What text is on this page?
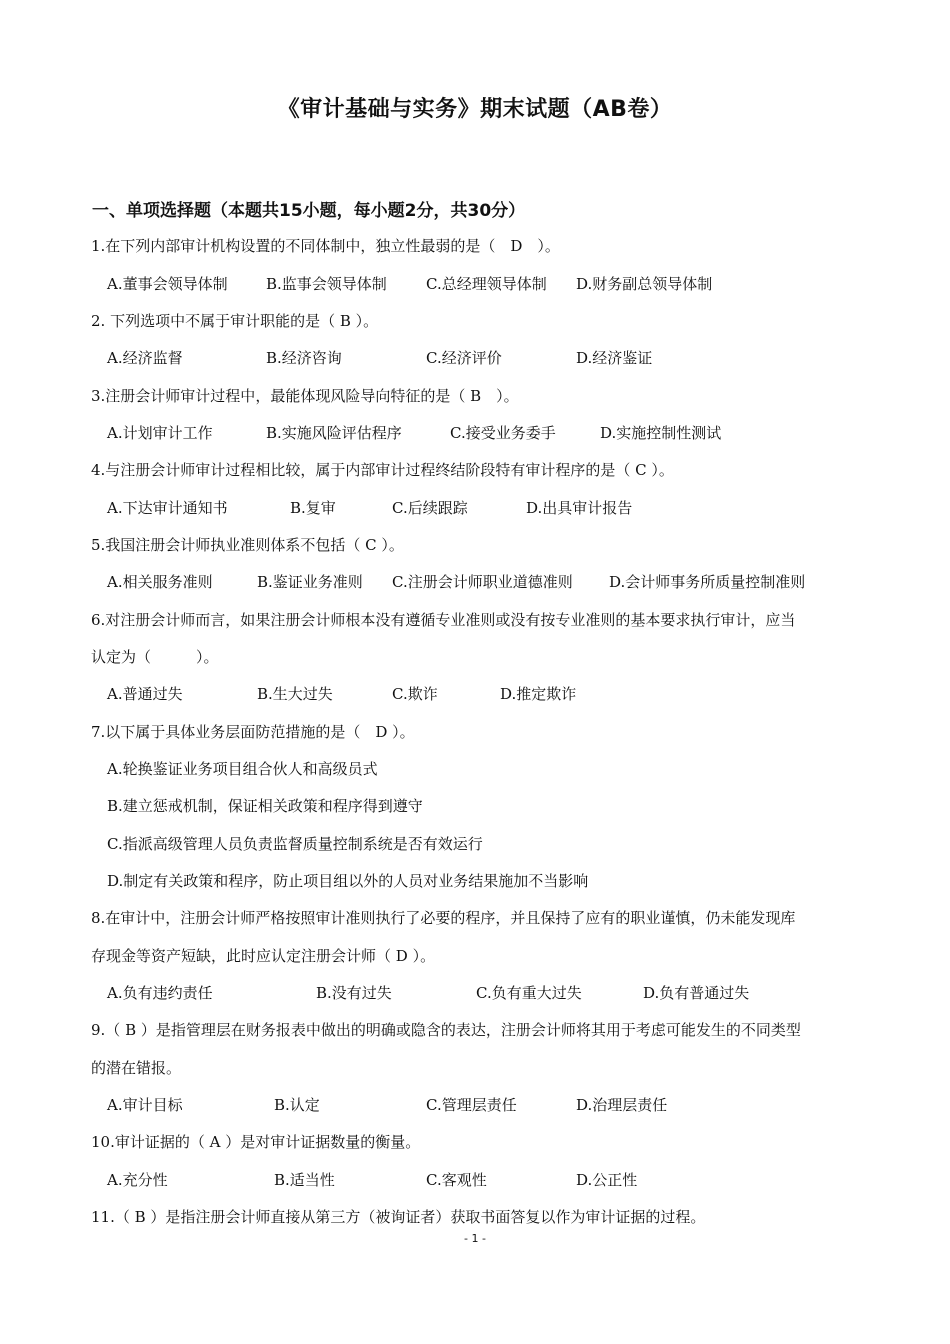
《审计基础与实务》期末试题（AB卷）
一、单项选择题（本题共15小题，每小题2分，共30分）
1.在下列内部审计机构设置的不同体制中，独立性最弱的是（　D　）。
A.董事会领导体制	B.监事会领导体制	C.总经理领导体制 D.财务副总领导体制
2. 下列选项中不属于审计职能的是（ B ）。
A.经济监督	B.经济咨询	C.经济评价	D.经济鉴证
3.注册会计师审计过程中，最能体现风险导向特征的是（ B　）。
A.计划审计工作	B.实施风险评估程序	C.接受业务委手	D.实施控制性测试
4.与注册会计师审计过程相比较，属于内部审计过程终结阶段特有审计程序的是（ C ）。
A.下达审计通知书	B.复审	C.后续跟踪	D.出具审计报告
5.我国注册会计师执业准则体系不包括（ C ）。
A.相关服务准则	B.鉴证业务准则 C.注册会计师职业道德准则 D.会计师事务所质量控制准则
6.对注册会计师而言，如果注册会计师根本没有遵循专业准则或没有按专业准则的基本要求执行审计，应当
认定为（　　　）。
A.普通过失	B.生大过失	C.欺诈	D.推定欺诈
7.以下属于具体业务层面防范措施的是（　D ）。
A.轮换鉴证业务项目组合伙人和高级员式
B.建立惩戒机制，保证相关政策和程序得到遵守
C.指派高级管理人员负责监督质量控制系统是否有效运行
D.制定有关政策和程序，防止项目组以外的人员对业务结果施加不当影响
8.在审计中，注册会计师严格按照审计准则执行了必要的程序，并且保持了应有的职业谨慎，仍未能发现库
存现金等资产短缺，此时应认定注册会计师（ D ）。
A.负有违约责任	B.没有过失	C.负有重大过失	D.负有普通过失
9.（ B ）是指管理层在财务报表中做出的明确或隐含的表达，注册会计师将其用于考虑可能发生的不同类型
的潜在错报。
A.审计目标	B.认定	C.管理层责任	D.治理层责任
10.审计证据的（ A ）是对审计证据数量的衡量。
A.充分性	B.适当性	C.客观性	D.公正性
11.（ B ）是指注册会计师直接从第三方（被询证者）获取书面答复以作为审计证据的过程。
- 1 -
